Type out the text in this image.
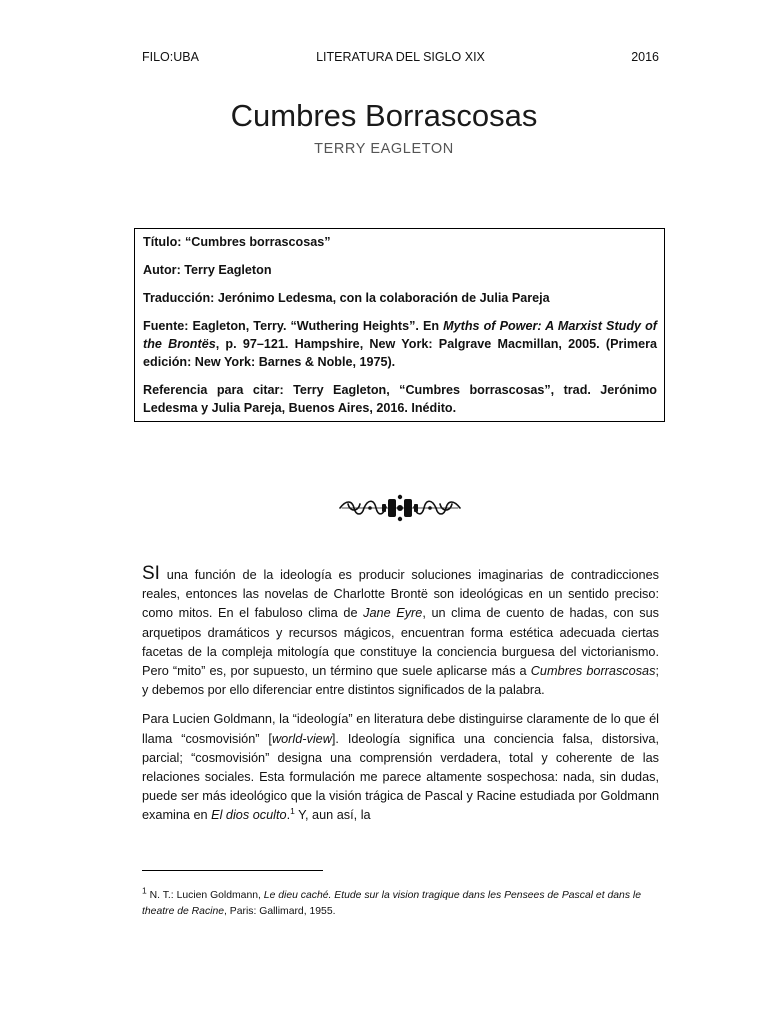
FILO:UBA	LITERATURA DEL SIGLO XIX	2016
Cumbres Borrascosas
TERRY EAGLETON

Título: “Cumbres borrascosas”

Autor: Terry Eagleton

Traducción: Jerónimo Ledesma, con la colaboración de Julia Pareja

Fuente: Eagleton, Terry. “Wuthering Heights”. En Myths of Power: A Marxist Study of the Brontës, p. 97–121. Hampshire, New York: Palgrave Macmillan, 2005. (Primera edición: New York: Barnes & Noble, 1975).

Referencia para citar: Terry Eagleton, “Cumbres borrascosas”, trad. Jerónimo Ledesma y Julia Pareja, Buenos Aires, 2016. Inédito.

SI una función de la ideología es producir soluciones imaginarias de contradicciones reales, entonces las novelas de Charlotte Brontë son ideológicas en un sentido preciso: como mitos. En el fabuloso clima de Jane Eyre, un clima de cuento de hadas, con sus arquetipos dramáticos y recursos mágicos, encuentran forma estética adecuada ciertas facetas de la compleja mitología que constituye la conciencia burguesa del victorianismo. Pero “mito” es, por supuesto, un término que suele aplicarse más a Cumbres borrascosas; y debemos por ello diferenciar entre distintos significados de la palabra.

Para Lucien Goldmann, la “ideología” en literatura debe distinguirse claramente de lo que él llama “cosmovisión” [world-view]. Ideología significa una conciencia falsa, distorsiva, parcial; “cosmovisión” designa una comprensión verdadera, total y coherente de las relaciones sociales. Esta formulación me parece altamente sospechosa: nada, sin dudas, puede ser más ideológico que la visión trágica de Pascal y Racine estudiada por Goldmann examina en El dios oculto.$^1$ Y, aun así, la

$^1$ N. T.: Lucien Goldmann, Le dieu caché. Etude sur la vision tragique dans les Pensees de Pascal et dans le theatre de Racine, Paris: Gallimard, 1955.
